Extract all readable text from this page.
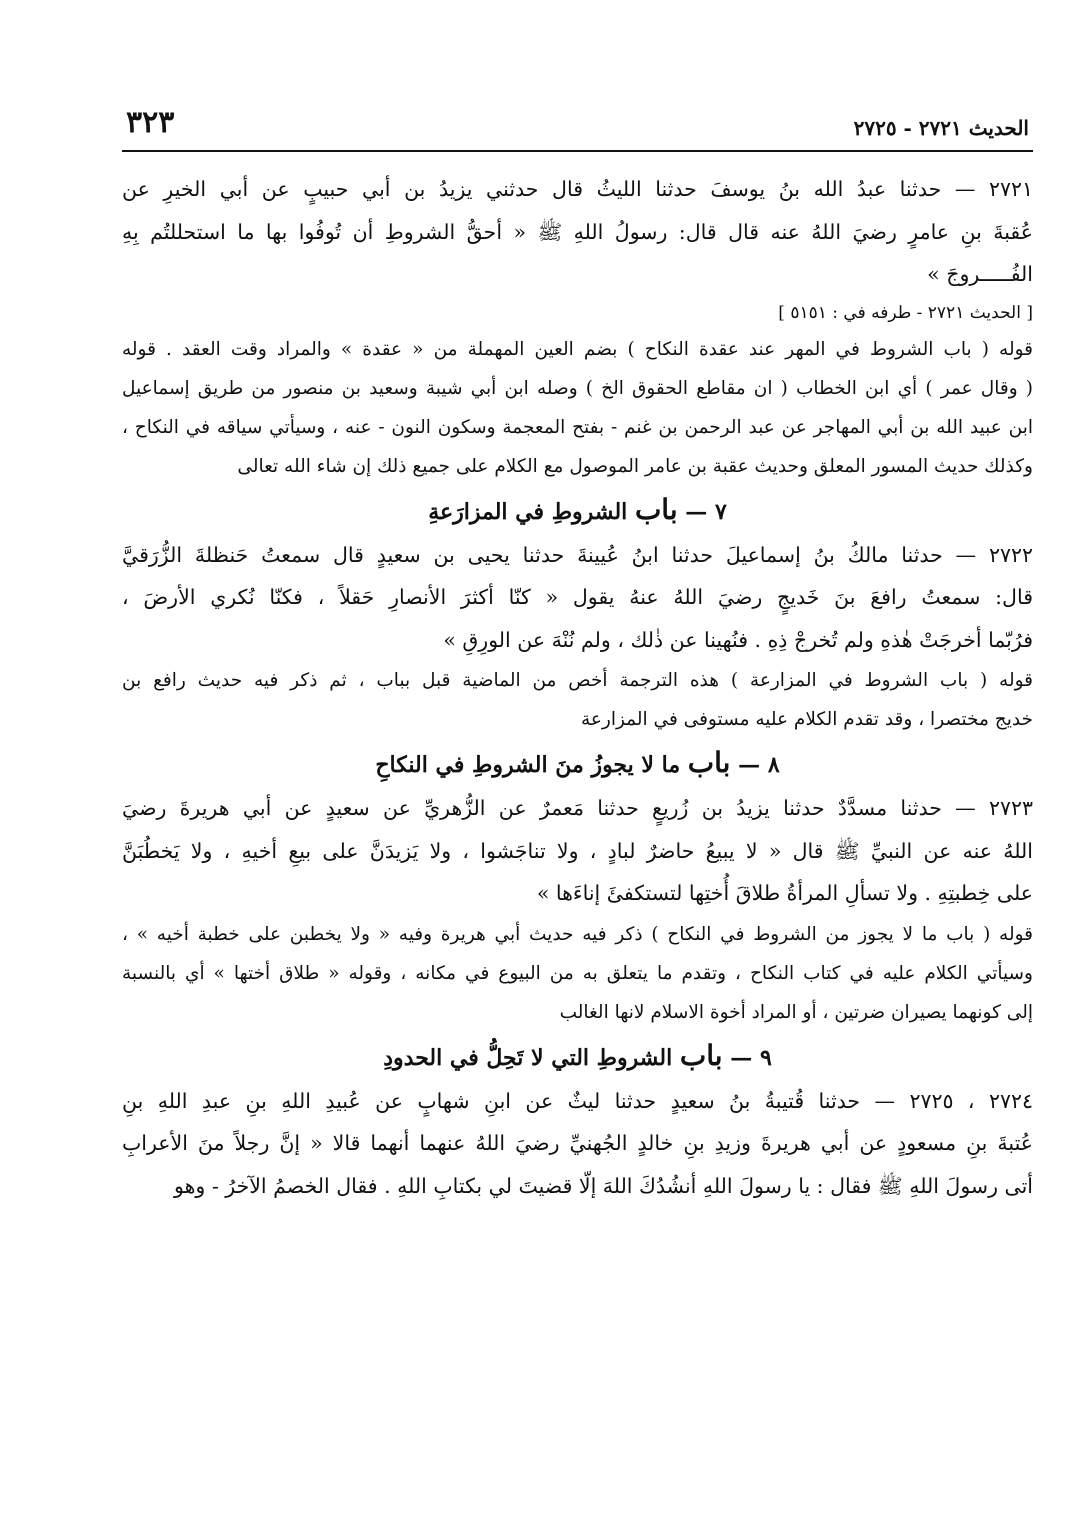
الحديث ٢٧٢١ - ٢٧٢٥
٣٢٣
٢٧٢١ — حدثنا عبدُ الله بنُ يوسفَ حدثنا الليثُ قال حدثني يزيدُ بن أبي حبيبٍ عن أبي الخيرِ عن
عُقبةَ بنِ عامرٍ رضيَ اللهُ عنه قال قال: رسولُ اللهِ ﷺ « أحقُّ الشروطِ أن تُوفُوا بها ما استحللتُم بِهِ
الفُـــــروجَ »
[ الحديث ٢٧٢١ - طرفه في : ٥١٥١ ]
قوله ( باب الشروط في المهر عند عقدة النكاح ) بضم العين المهملة من « عقدة » والمراد وقت العقد . قوله
( وقال عمر ) أي ابن الخطاب ( ان مقاطع الحقوق الخ ) وصله ابن أبي شيبة وسعيد بن منصور من طريق إسماعيل
ابن عبيد الله بن أبي المهاجر عن عبد الرحمن بن غنم - بفتح المعجمة وسكون النون - عنه ، وسيأتي سياقه في النكاح ،
وكذلك حديث المسور المعلق وحديث عقبة بن عامر الموصول مع الكلام على جميع ذلك إن شاء الله تعالى
٧ — باب الشروطِ في المزارَعةِ
٢٧٢٢ — حدثنا مالكُ بنُ إسماعيلَ حدثنا ابنُ عُيينةَ حدثنا يحيى بن سعيدٍ قال سمعتُ حَنظلةَ الزُّرَقيَّ
قال: سمعتُ رافعَ بنَ خَديجٍ رضيَ اللهُ عنهُ يقول « كنّا أكثرَ الأنصارِ حَقلاً ، فكنّا نُكري الأرضَ ،
فرُبّما أخرجَتْ هٰذهِ ولم تُخرجْ ذِهِ . فنُهينا عن ذٰلك ، ولم نُنْهَ عن الورِقِ »
قوله ( باب الشروط في المزارعة ) هذه الترجمة أخص من الماضية قبل بباب ، ثم ذكر فيه حديث رافع بن
خديج مختصرا ، وقد تقدم الكلام عليه مستوفى في المزارعة
٨ — باب ما لا يجوزُ منَ الشروطِ في النكاحِ
٢٧٢٣ — حدثنا مسدَّدٌ حدثنا يزيدُ بن زُريعٍ حدثنا مَعمرٌ عن الزُّهريِّ عن سعيدٍ عن أبي هريرةَ رضيَ
اللهُ عنه عن النبيِّ ﷺ قال « لا يبيعُ حاضرٌ لبادٍ ، ولا تناجَشوا ، ولا يَزيدَنَّ على بيعِ أخيهِ ، ولا يَخطُبَنَّ
على خِطبتِهِ . ولا تسألِ المرأةُ طلاقَ أُختِها لتستكفئَ إناءَها »
قوله ( باب ما لا يجوز من الشروط في النكاح ) ذكر فيه حديث أبي هريرة وفيه « ولا يخطبن على خطبة أخيه » ،
وسيأتي الكلام عليه في كتاب النكاح ، وتقدم ما يتعلق به من البيوع في مكانه ، وقوله « طلاق أختها » أي بالنسبة
إلى كونهما يصيران ضرتين ، أو المراد أخوة الاسلام لانها الغالب
٩ — باب الشروطِ التي لا تَحِلُّ في الحدودِ
٢٧٢٤ ، ٢٧٢٥ — حدثنا قُتيبةُ بنُ سعيدٍ حدثنا ليثٌ عن ابنِ شهابٍ عن عُبيدِ اللهِ بنِ عبدِ اللهِ بنِ
عُتبةَ بنِ مسعودٍ عن أبي هريرةَ وزيدِ بنِ خالدٍ الجُهنيِّ رضيَ اللهُ عنهما أنهما قالا « إنَّ رجلاً منَ الأعرابِ
أتى رسولَ اللهِ ﷺ فقال : يا رسولَ اللهِ أنشُدُكَ اللهَ إلّا قضيتَ لي بكتابِ اللهِ . فقال الخصمُ الآخرُ - وهو
